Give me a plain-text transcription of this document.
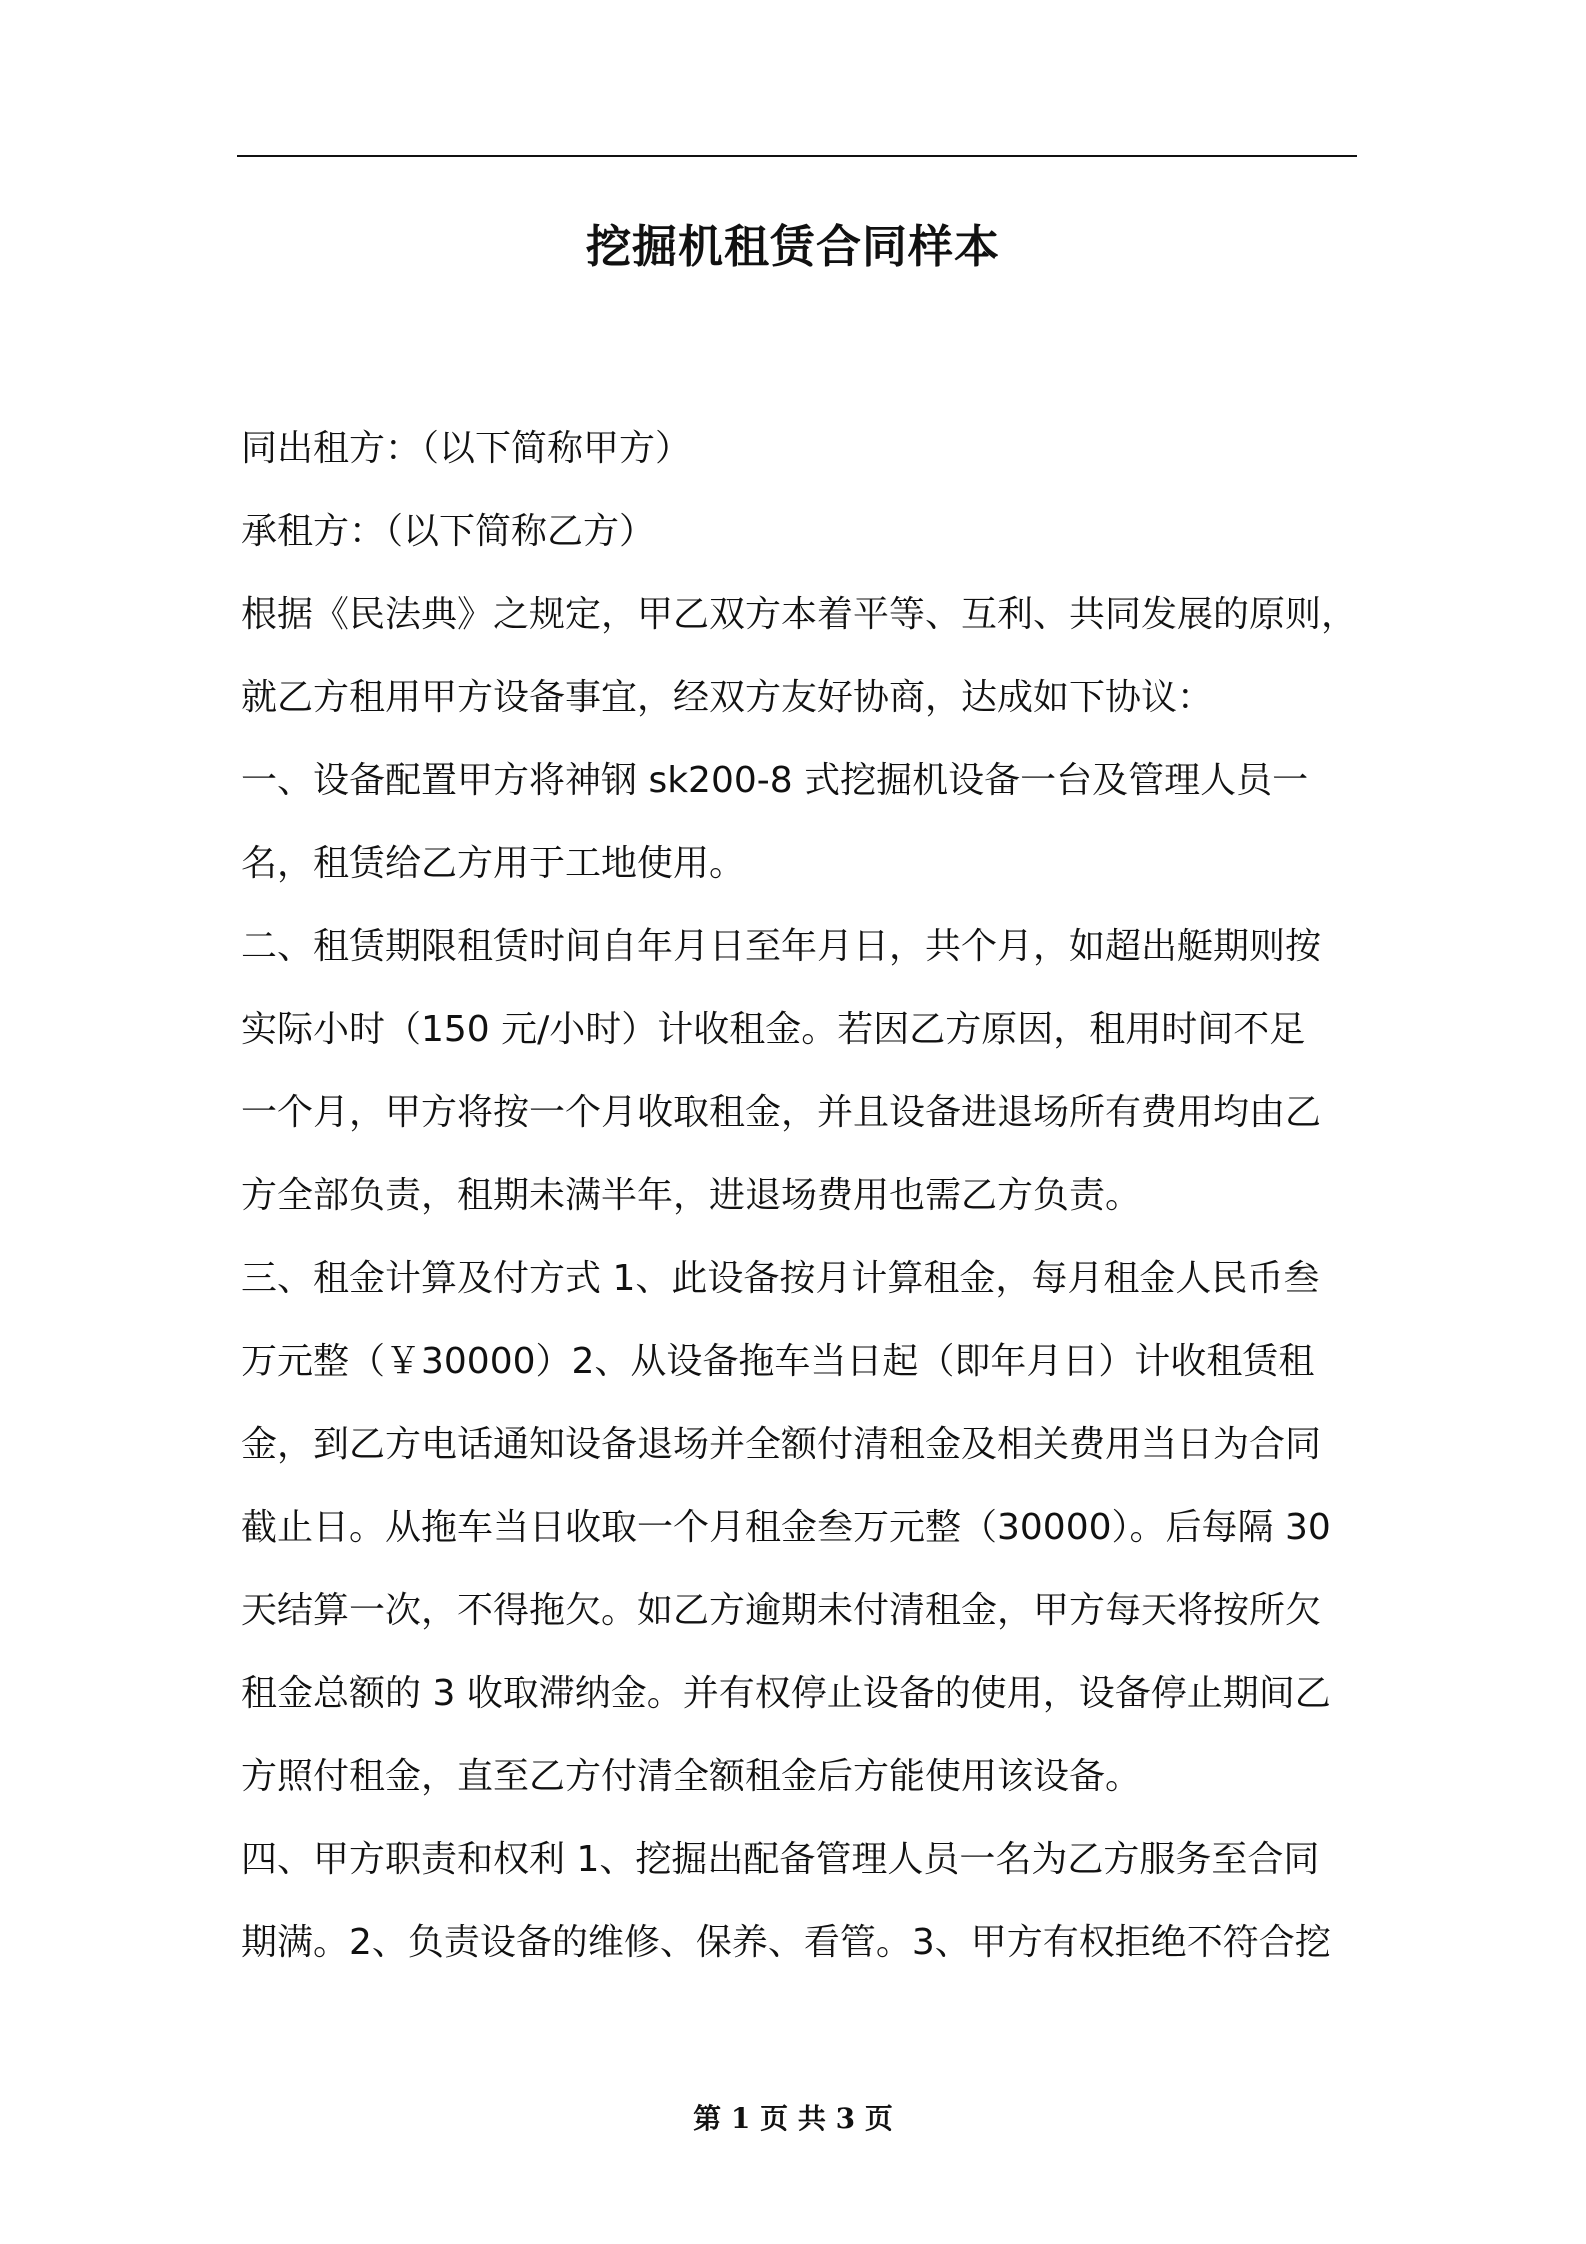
挖掘机租赁合同样本
同出租方：（以下简称甲方）
承租方：（以下简称乙方）
根据《民法典》之规定，甲乙双方本着平等、互利、共同发展的原则，
就乙方租用甲方设备事宜，经双方友好协商，达成如下协议：
一、设备配置甲方将神钢 sk200-8 式挖掘机设备一台及管理人员一
名，租赁给乙方用于工地使用。
二、租赁期限租赁时间自年月日至年月日，共个月，如超出艇期则按
实际小时（150 元/小时）计收租金。若因乙方原因，租用时间不足
一个月，甲方将按一个月收取租金，并且设备进退场所有费用均由乙
方全部负责，租期未满半年，进退场费用也需乙方负责。
三、租金计算及付方式 1、此设备按月计算租金，每月租金人民币叁
万元整（￥30000）2、从设备拖车当日起（即年月日）计收租赁租
金，到乙方电话通知设备退场并全额付清租金及相关费用当日为合同
截止日。从拖车当日收取一个月租金叁万元整（30000）。后每隔 30
天结算一次，不得拖欠。如乙方逾期未付清租金，甲方每天将按所欠
租金总额的 3 收取滞纳金。并有权停止设备的使用，设备停止期间乙
方照付租金，直至乙方付清全额租金后方能使用该设备。
四、甲方职责和权利 1、挖掘出配备管理人员一名为乙方服务至合同
期满。2、负责设备的维修、保养、看管。3、甲方有权拒绝不符合挖
第 1 页 共 3 页
